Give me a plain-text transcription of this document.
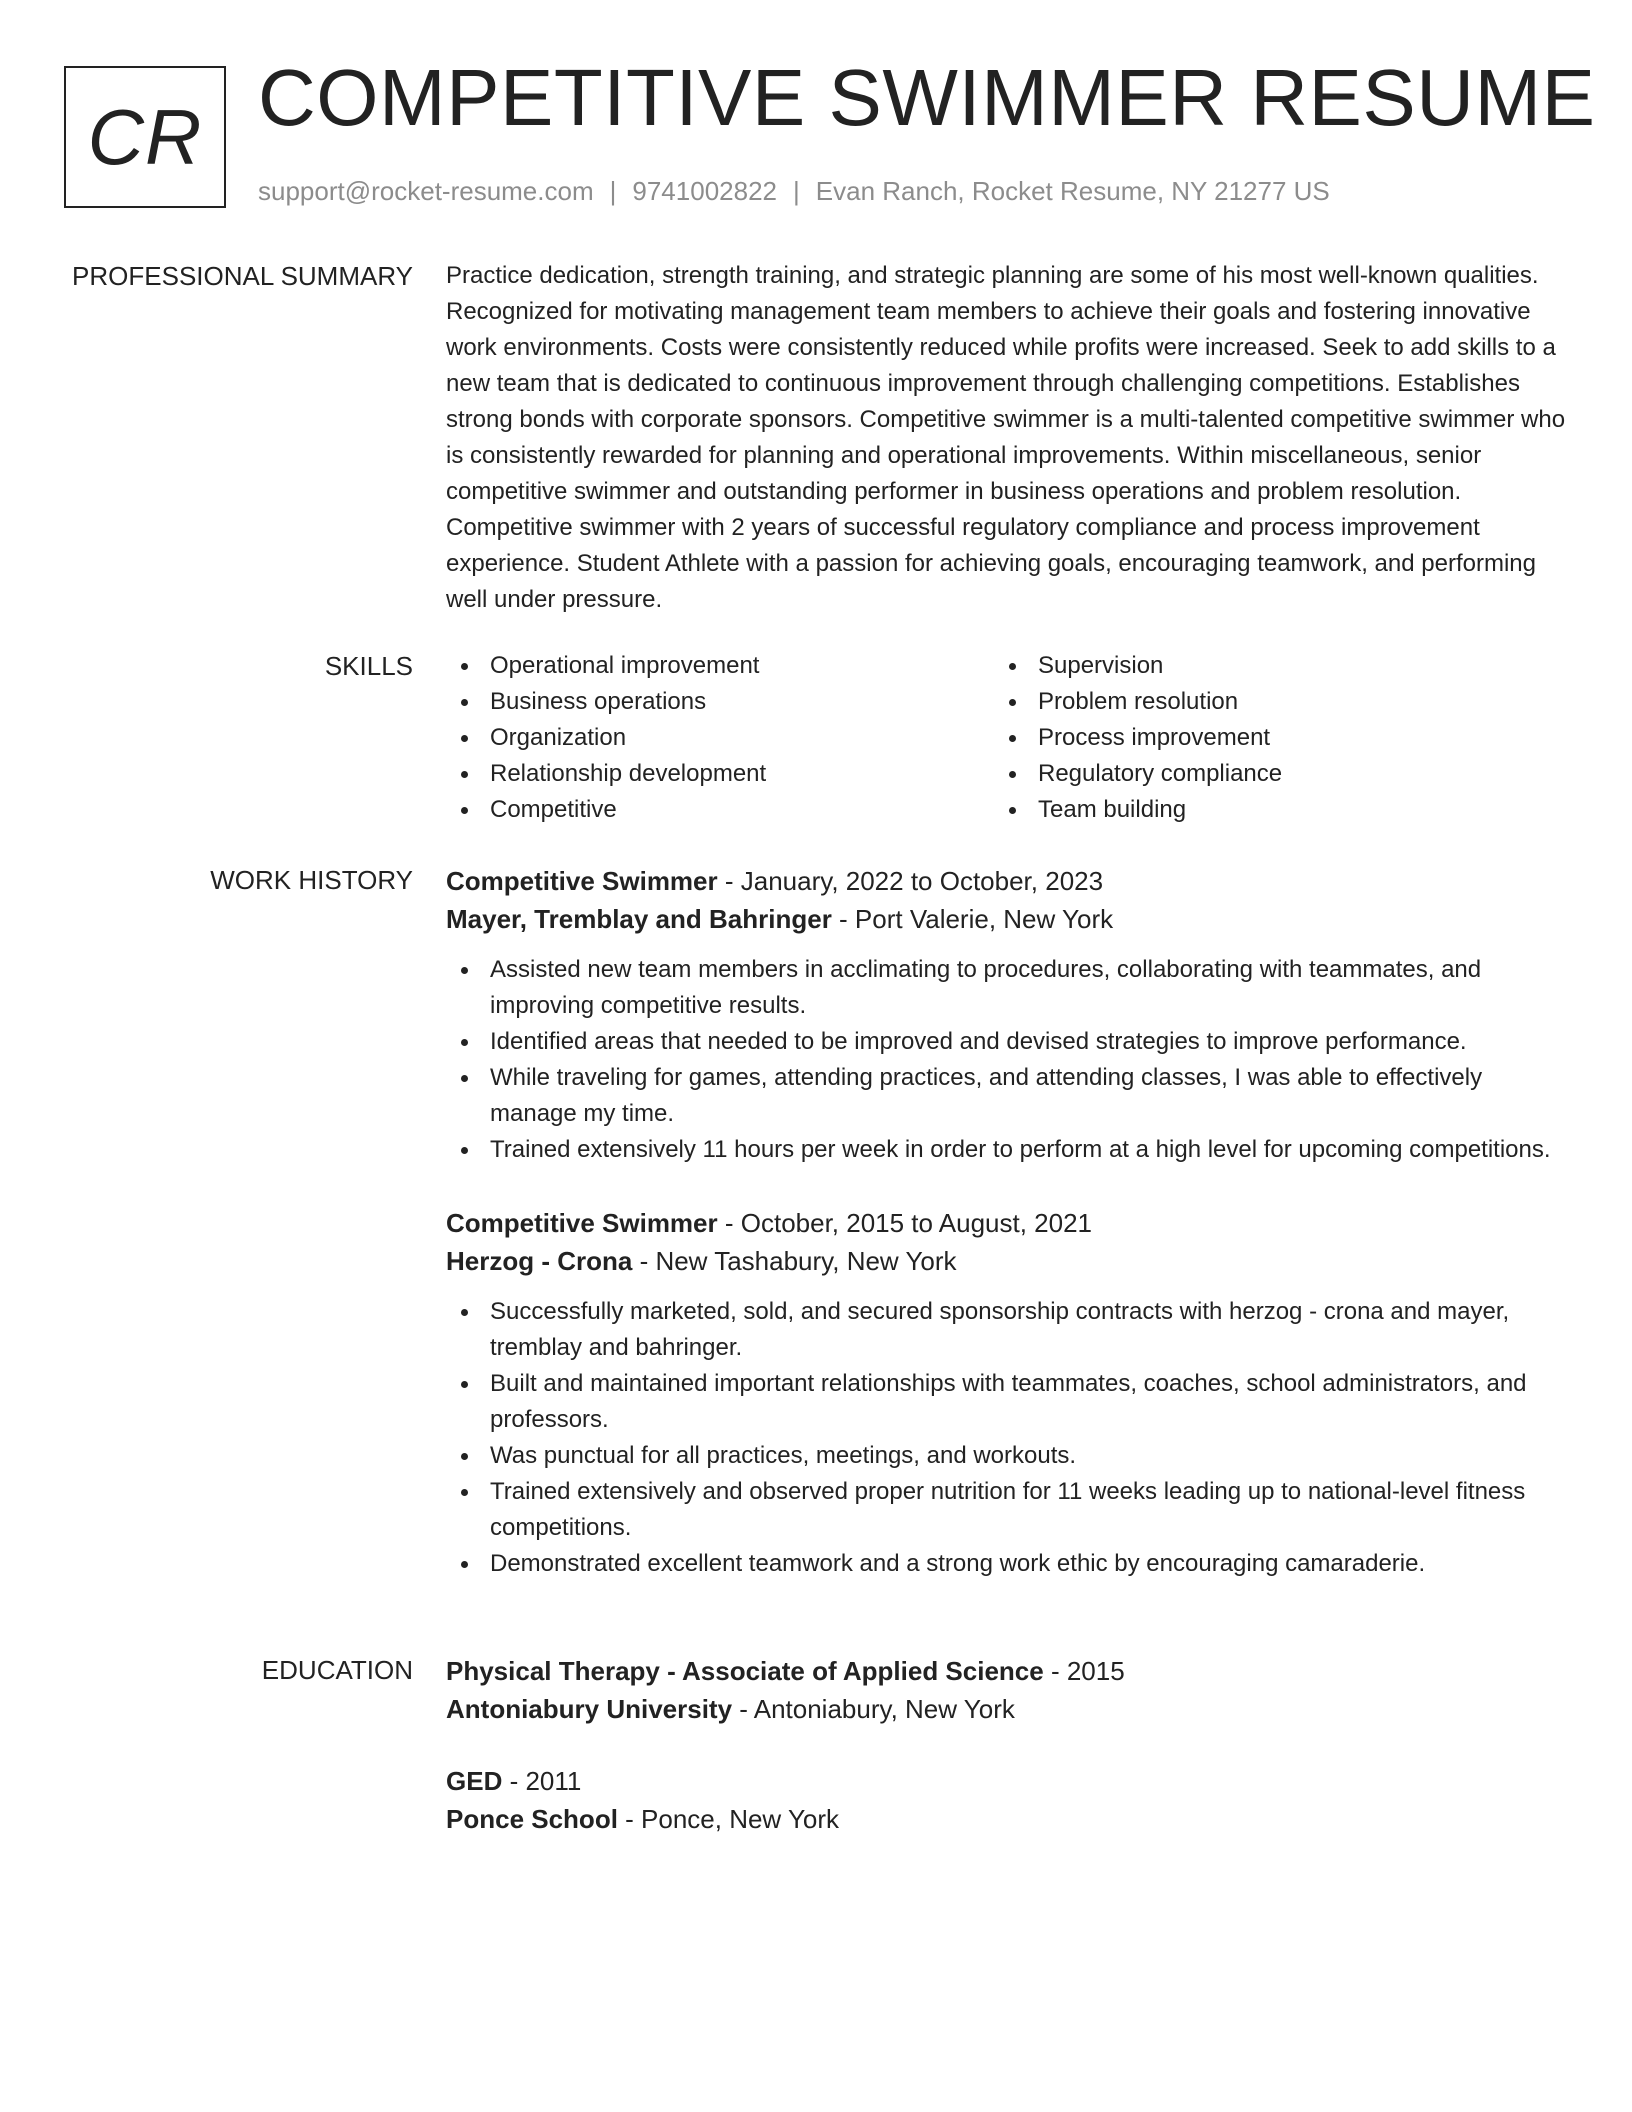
CR COMPETITIVE SWIMMER RESUME
support@rocket-resume.com | 9741002822 | Evan Ranch, Rocket Resume, NY 21277 US
PROFESSIONAL SUMMARY Practice dedication, strength training, and strategic planning are some of his most well-known qualities. Recognized for motivating management team members to achieve their goals and fostering innovative work environments. Costs were consistently reduced while profits were increased. Seek to add skills to a new team that is dedicated to continuous improvement through challenging competitions. Establishes strong bonds with corporate sponsors. Competitive swimmer is a multi-talented competitive swimmer who is consistently rewarded for planning and operational improvements. Within miscellaneous, senior competitive swimmer and outstanding performer in business operations and problem resolution. Competitive swimmer with 2 years of successful regulatory compliance and process improvement experience. Student Athlete with a passion for achieving goals, encouraging teamwork, and performing well under pressure.
SKILLS	Operational improvement
Business operations
Organization
Relationship development
Competitive
Supervision
Problem resolution
Process improvement
Regulatory compliance
Team building
WORK HISTORY Competitive Swimmer - January, 2022 to October, 2023
Mayer, Tremblay and Bahringer - Port Valerie, New York
Assisted new team members in acclimating to procedures, collaborating with teammates, and improving competitive results.
Identified areas that needed to be improved and devised strategies to improve performance.
While traveling for games, attending practices, and attending classes, I was able to effectively manage my time.
Trained extensively 11 hours per week in order to perform at a high level for upcoming competitions.
Competitive Swimmer - October, 2015 to August, 2021
Herzog - Crona - New Tashabury, New York
Successfully marketed, sold, and secured sponsorship contracts with herzog - crona and mayer, tremblay and bahringer.
Built and maintained important relationships with teammates, coaches, school administrators, and professors.
Was punctual for all practices, meetings, and workouts.
Trained extensively and observed proper nutrition for 11 weeks leading up to national-level fitness competitions.
Demonstrated excellent teamwork and a strong work ethic by encouraging camaraderie.
EDUCATION Physical Therapy - Associate of Applied Science - 2015
Antoniabury University - Antoniabury, New York
GED - 2011
Ponce School - Ponce, New York
